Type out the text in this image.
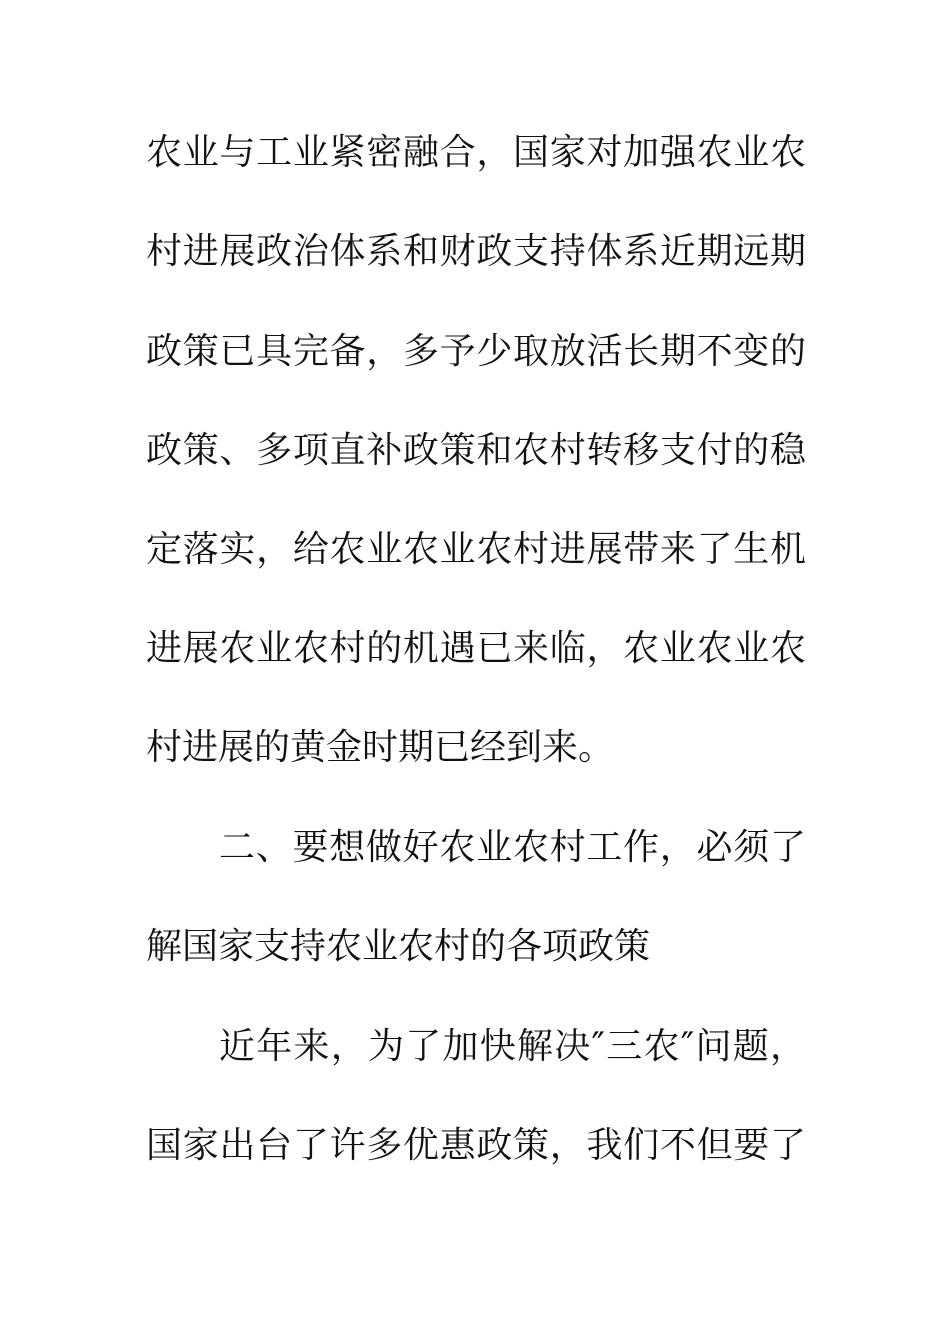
农业与工业紧密融合，国家对加强农业农
村进展政治体系和财政支持体系近期远期
政策已具完备，多予少取放活长期不变的
政策、多项直补政策和农村转移支付的稳
定落实，给农业农业农村进展带来了生机
进展农业农村的机遇已来临，农业农业农
村进展的黄金时期已经到来。
二、要想做好农业农村工作，必须了
解国家支持农业农村的各项政策
近年来，为了加快解决″三农″问题，
国家出台了许多优惠政策，我们不但要了
